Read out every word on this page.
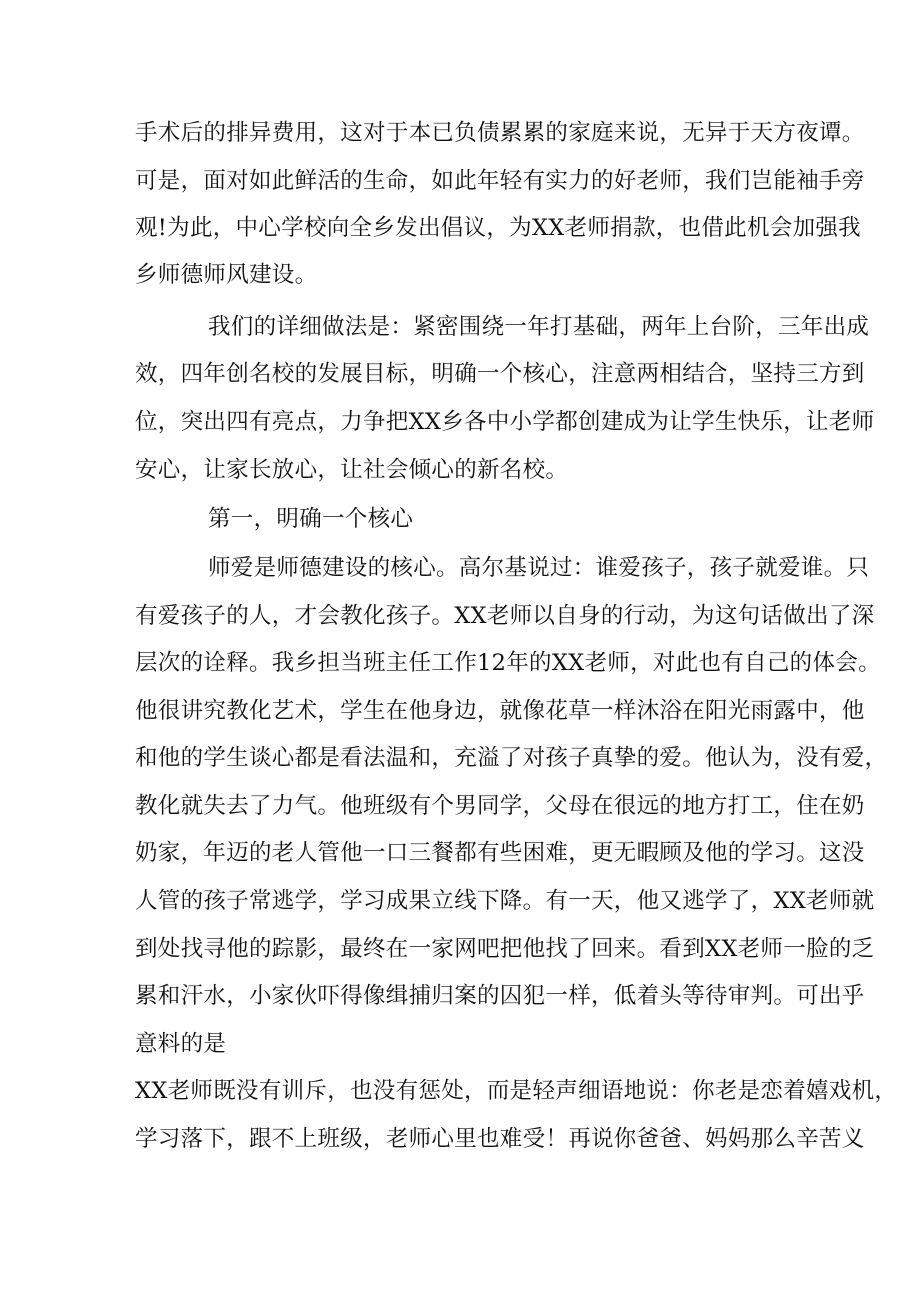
手术后的排异费用，这对于本已负债累累的家庭来说，无异于天方夜谭。
可是，面对如此鲜活的生命，如此年轻有实力的好老师，我们岂能袖手旁
观!为此，中心学校向全乡发出倡议，为XX老师捐款，也借此机会加强我
乡师德师风建设。
我们的详细做法是：紧密围绕一年打基础，两年上台阶，三年出成
效，四年创名校的发展目标，明确一个核心，注意两相结合，坚持三方到
位，突出四有亮点，力争把XX乡各中小学都创建成为让学生快乐，让老师
安心，让家长放心，让社会倾心的新名校。
第一，明确一个核心
师爱是师德建设的核心。高尔基说过：谁爱孩子，孩子就爱谁。只
有爱孩子的人，才会教化孩子。XX老师以自身的行动，为这句话做出了深
层次的诠释。我乡担当班主任工作12年的XX老师，对此也有自己的体会。
他很讲究教化艺术，学生在他身边，就像花草一样沐浴在阳光雨露中，他
和他的学生谈心都是看法温和，充溢了对孩子真挚的爱。他认为，没有爱，
教化就失去了力气。他班级有个男同学，父母在很远的地方打工，住在奶
奶家，年迈的老人管他一口三餐都有些困难，更无暇顾及他的学习。这没
人管的孩子常逃学，学习成果立线下降。有一天，他又逃学了，XX老师就
到处找寻他的踪影，最终在一家网吧把他找了回来。看到XX老师一脸的乏
累和汗水，小家伙吓得像缉捕归案的囚犯一样，低着头等待审判。可出乎
意料的是
XX老师既没有训斥，也没有惩处，而是轻声细语地说：你老是恋着嬉戏机，
学习落下，跟不上班级，老师心里也难受！再说你爸爸、妈妈那么辛苦义
